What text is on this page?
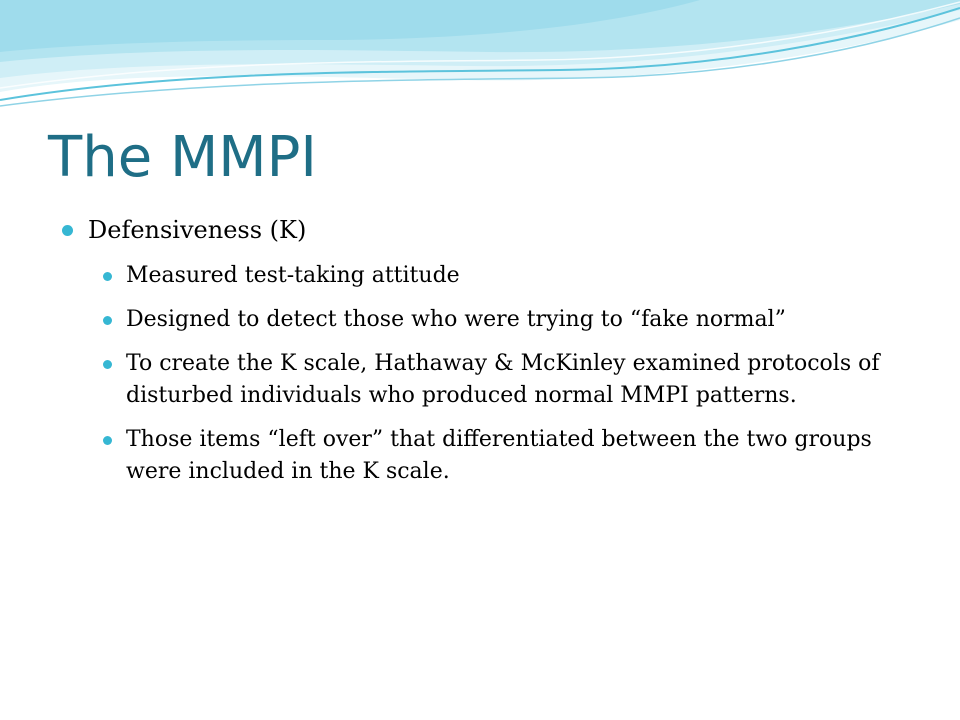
The MMPI
Defensiveness (K)
Measured test-taking attitude
Designed to detect those who were trying to “fake normal”
To create the K scale, Hathaway & McKinley examined protocols of disturbed individuals who produced normal MMPI patterns.
Those items “left over” that differentiated between the two groups were included in the K scale.
